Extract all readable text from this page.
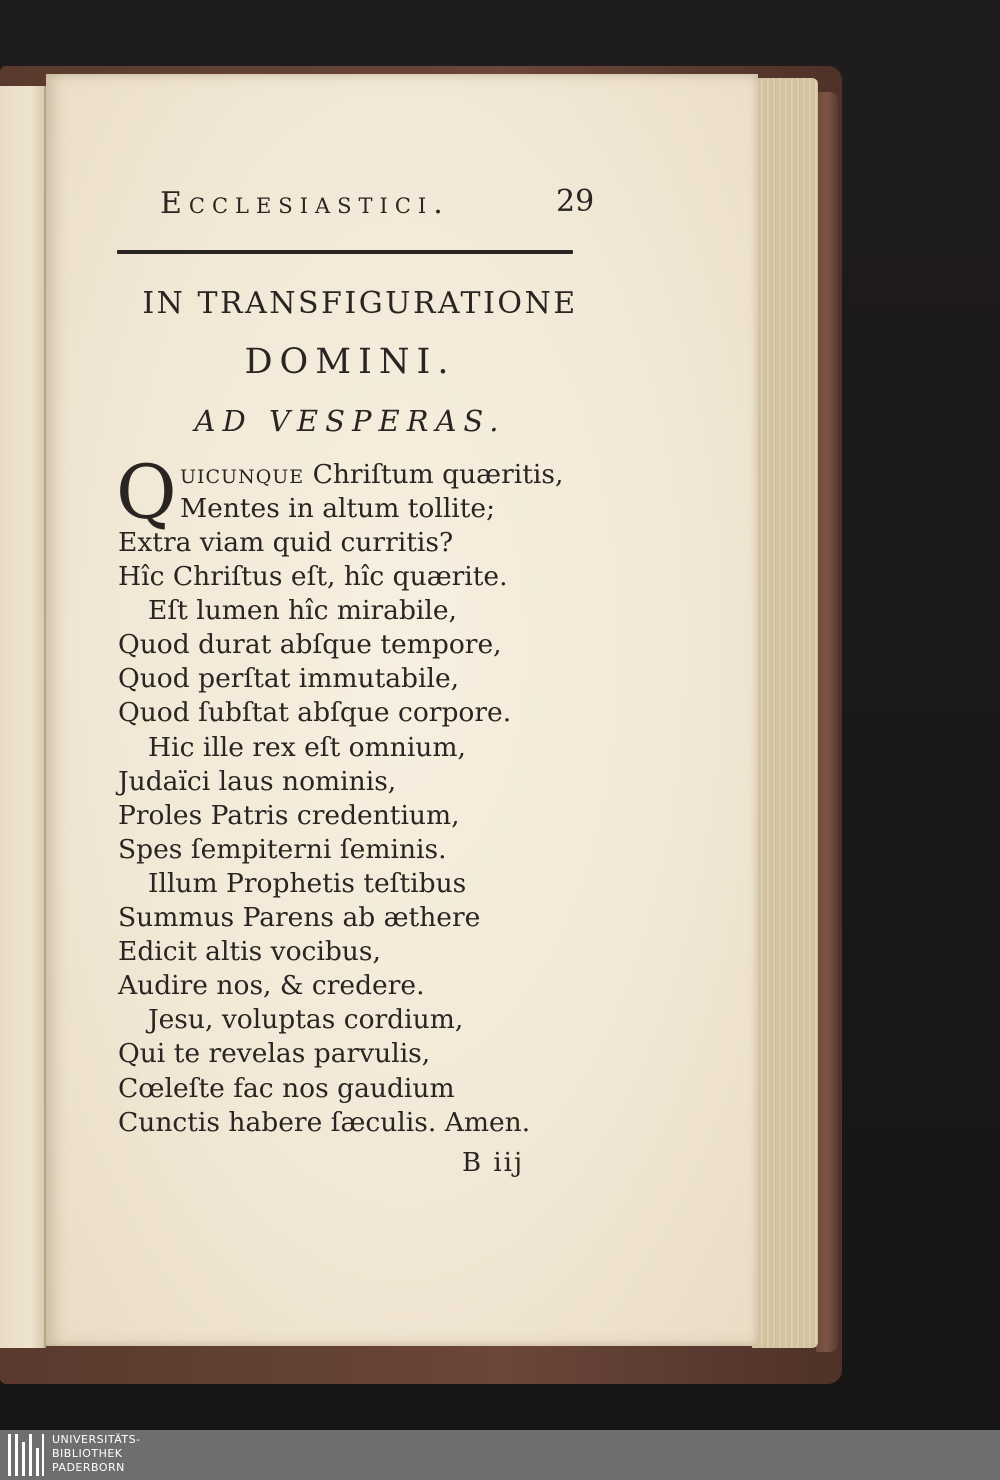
Ecclesiastici.	29
IN TRANSFIGURATIONE
DOMINI.
AD VESPERAS.
Q uicunque Chriſtum quæritis,
Mentes in altum tollite;
Extra viam quid curritis?
Hîc Chriſtus eſt, hîc quærite.
Eſt lumen hîc mirabile,
Quod durat abſque tempore,
Quod perſtat immutabile,
Quod ſubſtat abſque corpore.
Hic ille rex eſt omnium,
Judaïci laus nominis,
Proles Patris credentium,
Spes ſempiterni ſeminis.
Illum Prophetis teſtibus
Summus Parens ab æthere
Edicit altis vocibus,
Audire nos, & credere.
Jesu, voluptas cordium,
Qui te revelas parvulis,
Cœleſte fac nos gaudium
Cunctis habere ſæculis. Amen.
B iij
UNIVERSITÄTS-
BIBLIOTHEK
PADERBORN
